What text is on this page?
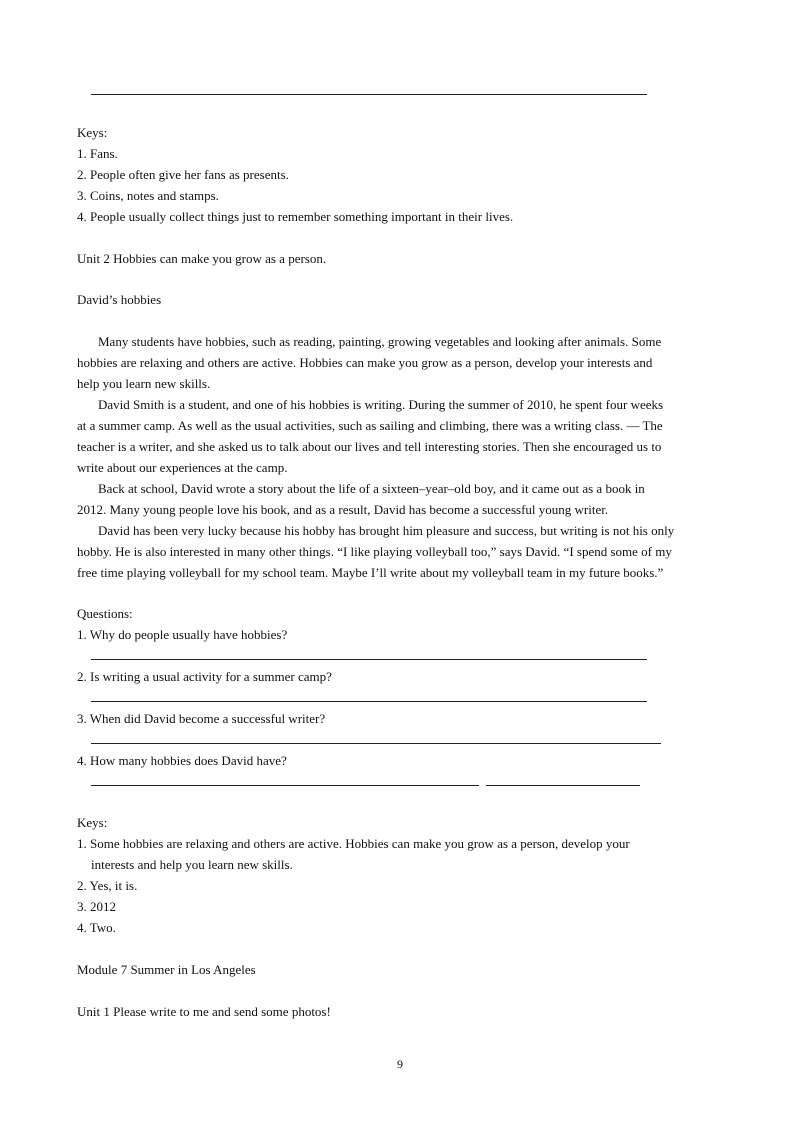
Keys:
1. Fans.
2. People often give her fans as presents.
3. Coins, notes and stamps.
4. People usually collect things just to remember something important in their lives.
Unit 2 Hobbies can make you grow as a person.
David’s hobbies
Many students have hobbies, such as reading, painting, growing vegetables and looking after animals. Some
hobbies are relaxing and others are active. Hobbies can make you grow as a person, develop your interests and
help you learn new skills.
David Smith is a student, and one of his hobbies is writing. During the summer of 2010, he spent four weeks
at a summer camp. As well as the usual activities, such as sailing and climbing, there was a writing class. — The
teacher is a writer, and she asked us to talk about our lives and tell interesting stories. Then she encouraged us to
write about our experiences at the camp.
Back at school, David wrote a story about the life of a sixteen–year–old boy, and it came out as a book in
2012. Many young people love his book, and as a result, David has become a successful young writer.
David has been very lucky because his hobby has brought him pleasure and success, but writing is not his only
hobby. He is also interested in many other things. “I like playing volleyball too,” says David. “I spend some of my
free time playing volleyball for my school team. Maybe I’ll write about my volleyball team in my future books.”
Questions:
1. Why do people usually have hobbies?
2. Is writing a usual activity for a summer camp?
3. When did David become a successful writer?
4. How many hobbies does David have?
Keys:
1. Some hobbies are relaxing and others are active. Hobbies can make you grow as a person, develop your
interests and help you learn new skills.
2. Yes, it is.
3. 2012
4. Two.
Module 7 Summer in Los Angeles
Unit 1 Please write to me and send some photos!
9
